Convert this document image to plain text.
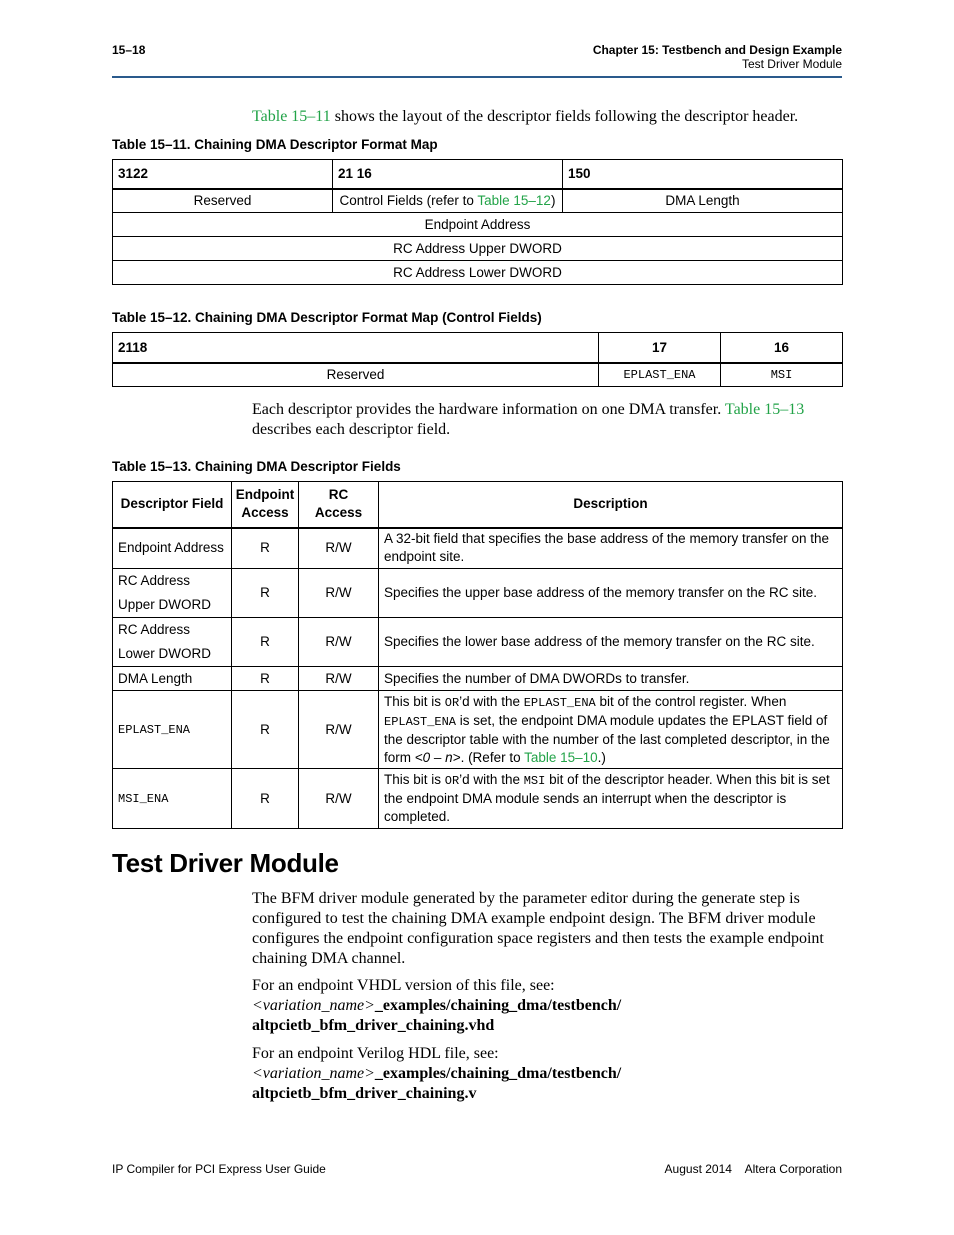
15–18	Chapter 15: Testbench and Design Example
Test Driver Module
Table 15–11 shows the layout of the descriptor fields following the descriptor header.
Table 15–11. Chaining DMA Descriptor Format Map
3122	21 16	150
Reserved	Control Fields (refer to Table 15–12)	DMA Length
Endpoint Address		
RC Address Upper DWORD		
RC Address Lower DWORD		
Table 15–12. Chaining DMA Descriptor Format Map (Control Fields)
2118	17	16
Reserved	EPLAST_ENA	MSI
Each descriptor provides the hardware information on one DMA transfer. Table 15–13
describes each descriptor field.
Table 15–13. Chaining DMA Descriptor Fields
Descriptor Field	Endpoint Access	RC Access	Description
Endpoint Address	R	R/W	A 32-bit field that specifies the base address of the memory transfer on the endpoint site.
RC Address
Upper DWORD	R	R/W	Specifies the upper base address of the memory transfer on the RC site.
RC Address
Lower DWORD	R	R/W	Specifies the lower base address of the memory transfer on the RC site.
DMA Length	R	R/W	Specifies the number of DMA DWORDs to transfer.
EPLAST_ENA	R	R/W	This bit is OR’d with the EPLAST_ENA bit of the control register. When EPLAST_ENA is set, the endpoint DMA module updates the EPLAST field of the descriptor table with the number of the last completed descriptor, in the form <0 – n>. (Refer to Table 15–10.)
MSI_ENA	R	R/W	This bit is OR’d with the MSI bit of the descriptor header. When this bit is set the endpoint DMA module sends an interrupt when the descriptor is completed.
Test Driver Module
The BFM driver module generated by the parameter editor during the generate step is configured to test the chaining DMA example endpoint design. The BFM driver module configures the endpoint configuration space registers and then tests the example endpoint chaining DMA channel.
For an endpoint VHDL version of this file, see:
<variation_name>_examples/chaining_dma/testbench/
altpcietb_bfm_driver_chaining.vhd
For an endpoint Verilog HDL file, see:
<variation_name>_examples/chaining_dma/testbench/
altpcietb_bfm_driver_chaining.v
IP Compiler for PCI Express User Guide	August 2014    Altera Corporation
